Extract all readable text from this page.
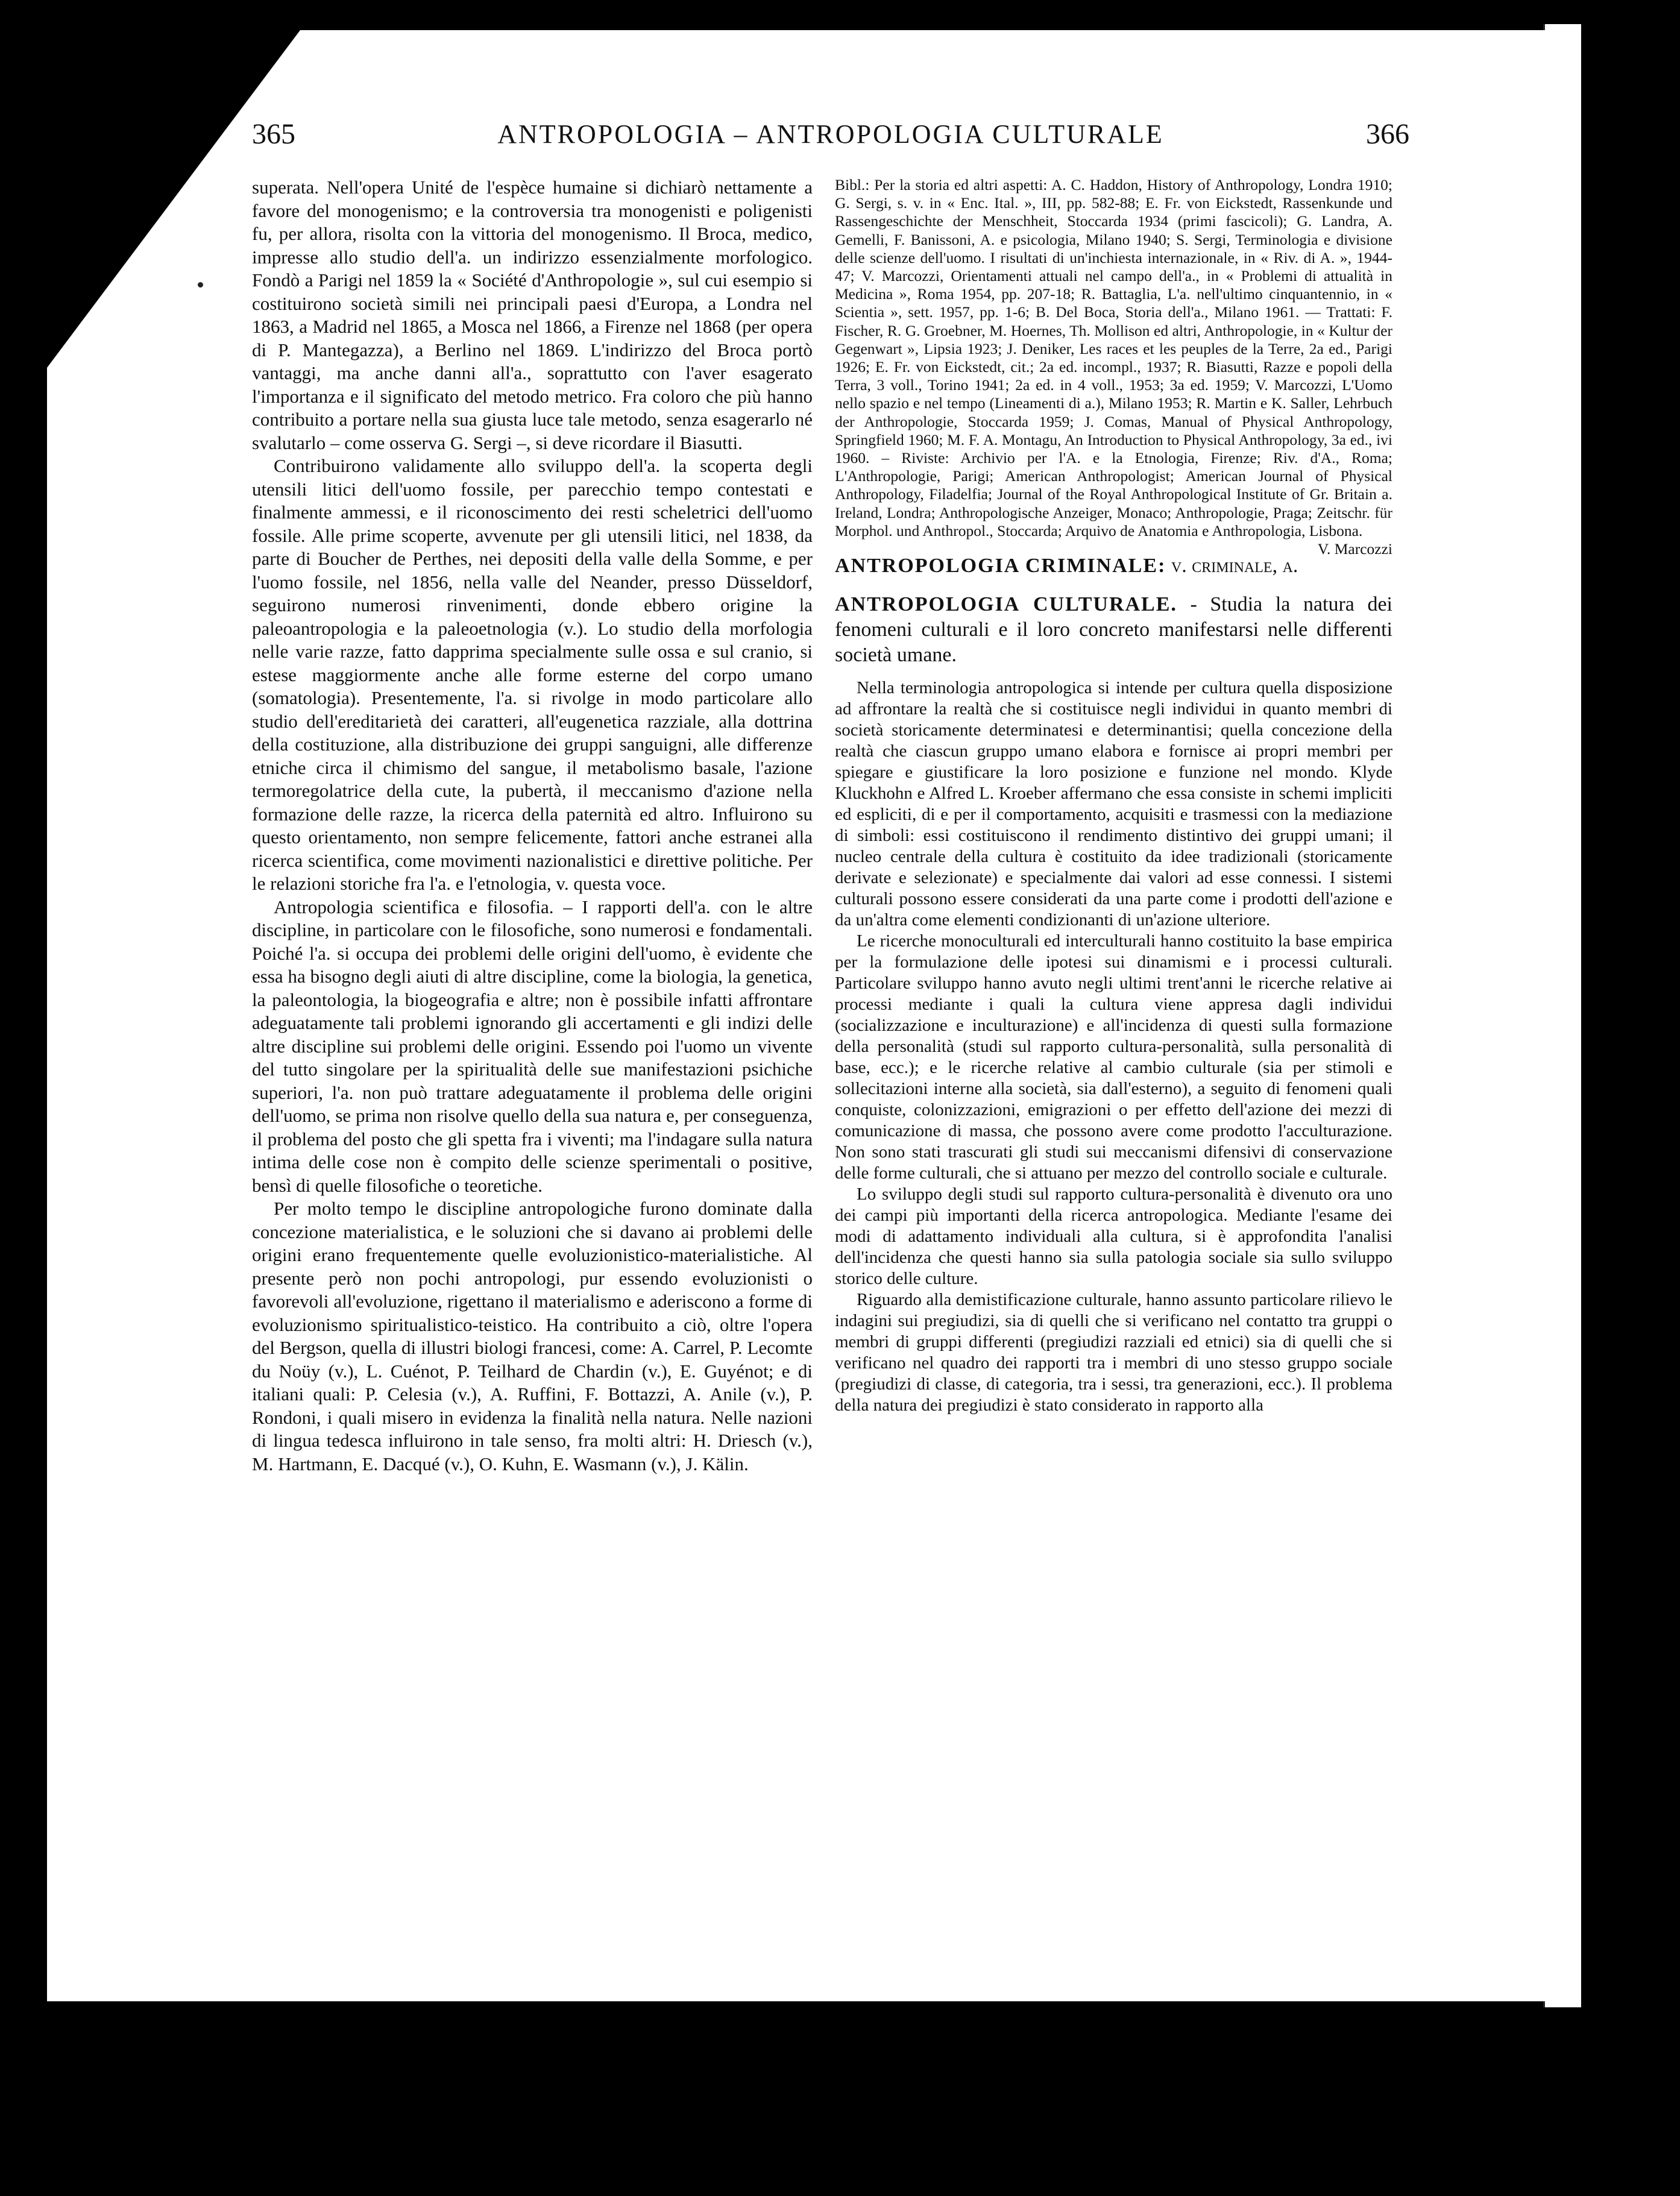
365	ANTROPOLOGIA – ANTROPOLOGIA CULTURALE	366

superata. Nell'opera Unité de l'espèce humaine si dichiarò nettamente a favore del monogenismo; e la controversia tra monogenisti e poligenisti fu, per allora, risolta con la vittoria del monogenismo. Il Broca, medico, impresse allo studio dell'a. un indirizzo essenzialmente morfologico. Fondò a Parigi nel 1859 la « Société d'Anthropologie », sul cui esempio si costituirono società simili nei principali paesi d'Europa, a Londra nel 1863, a Madrid nel 1865, a Mosca nel 1866, a Firenze nel 1868 (per opera di P. Mantegazza), a Berlino nel 1869. L'indirizzo del Broca portò vantaggi, ma anche danni all'a., soprattutto con l'aver esagerato l'importanza e il significato del metodo metrico. Fra coloro che più hanno contribuito a portare nella sua giusta luce tale metodo, senza esagerarlo né svalutarlo – come osserva G. Sergi –, si deve ricordare il Biasutti.

Contribuirono validamente allo sviluppo dell'a. la scoperta degli utensili litici dell'uomo fossile, per parecchio tempo contestati e finalmente ammessi, e il riconoscimento dei resti scheletrici dell'uomo fossile. Alle prime scoperte, avvenute per gli utensili litici, nel 1838, da parte di Boucher de Perthes, nei depositi della valle della Somme, e per l'uomo fossile, nel 1856, nella valle del Neander, presso Düsseldorf, seguirono numerosi rinvenimenti, donde ebbero origine la paleoantropologia e la paleoetnologia (v.). Lo studio della morfologia nelle varie razze, fatto dapprima specialmente sulle ossa e sul cranio, si estese maggiormente anche alle forme esterne del corpo umano (somatologia). Presentemente, l'a. si rivolge in modo particolare allo studio dell'ereditarietà dei caratteri, all'eugenetica razziale, alla dottrina della costituzione, alla distribuzione dei gruppi sanguigni, alle differenze etniche circa il chimismo del sangue, il metabolismo basale, l'azione termoregolatrice della cute, la pubertà, il meccanismo d'azione nella formazione delle razze, la ricerca della paternità ed altro. Influirono su questo orientamento, non sempre felicemente, fattori anche estranei alla ricerca scientifica, come movimenti nazionalistici e direttive politiche. Per le relazioni storiche fra l'a. e l'etnologia, v. questa voce.

Antropologia scientifica e filosofia. – I rapporti dell'a. con le altre discipline, in particolare con le filosofiche, sono numerosi e fondamentali. Poiché l'a. si occupa dei problemi delle origini dell'uomo, è evidente che essa ha bisogno degli aiuti di altre discipline, come la biologia, la genetica, la paleontologia, la biogeografia e altre; non è possibile infatti affrontare adeguatamente tali problemi ignorando gli accertamenti e gli indizi delle altre discipline sui problemi delle origini. Essendo poi l'uomo un vivente del tutto singolare per la spiritualità delle sue manifestazioni psichiche superiori, l'a. non può trattare adeguatamente il problema delle origini dell'uomo, se prima non risolve quello della sua natura e, per conseguenza, il problema del posto che gli spetta fra i viventi; ma l'indagare sulla natura intima delle cose non è compito delle scienze sperimentali o positive, bensì di quelle filosofiche o teoretiche.

Per molto tempo le discipline antropologiche furono dominate dalla concezione materialistica, e le soluzioni che si davano ai problemi delle origini erano frequentemente quelle evoluzionistico-materialistiche. Al presente però non pochi antropologi, pur essendo evoluzionisti o favorevoli all'evoluzione, rigettano il materialismo e aderiscono a forme di evoluzionismo spiritualistico-teistico. Ha contribuito a ciò, oltre l'opera del Bergson, quella di illustri biologi francesi, come: A. Carrel, P. Lecomte du Noüy (v.), L. Cuénot, P. Teilhard de Chardin (v.), E. Guyénot; e di italiani quali: P. Celesia (v.), A. Ruffini, F. Bottazzi, A. Anile (v.), P. Rondoni, i quali misero in evidenza la finalità nella natura. Nelle nazioni di lingua tedesca influirono in tale senso, fra molti altri: H. Driesch (v.), M. Hartmann, E. Dacqué (v.), O. Kuhn, E. Wasmann (v.), J. Kälin.

Bibl.: Per la storia ed altri aspetti: A. C. Haddon, History of Anthropology, Londra 1910; G. Sergi, s. v. in « Enc. Ital. », III, pp. 582-88; E. Fr. von Eickstedt, Rassenkunde und Rassengeschichte der Menschheit, Stoccarda 1934 (primi fascicoli); G. Landra, A. Gemelli, F. Banissoni, A. e psicologia, Milano 1940; S. Sergi, Terminologia e divisione delle scienze dell'uomo. I risultati di un'inchiesta internazionale, in « Riv. di A. », 1944-47; V. Marcozzi, Orientamenti attuali nel campo dell'a., in « Problemi di attualità in Medicina », Roma 1954, pp. 207-18; R. Battaglia, L'a. nell'ultimo cinquantennio, in « Scientia », sett. 1957, pp. 1-6; B. Del Boca, Storia dell'a., Milano 1961. — Trattati: F. Fischer, R. G. Groebner, M. Hoernes, Th. Mollison ed altri, Anthropologie, in « Kultur der Gegenwart », Lipsia 1923; J. Deniker, Les races et les peuples de la Terre, 2a ed., Parigi 1926; E. Fr. von Eickstedt, cit.; 2a ed. incompl., 1937; R. Biasutti, Razze e popoli della Terra, 3 voll., Torino 1941; 2a ed. in 4 voll., 1953; 3a ed. 1959; V. Marcozzi, L'Uomo nello spazio e nel tempo (Lineamenti di a.), Milano 1953; R. Martin e K. Saller, Lehrbuch der Anthropologie, Stoccarda 1959; J. Comas, Manual of Physical Anthropology, Springfield 1960; M. F. A. Montagu, An Introduction to Physical Anthropology, 3a ed., ivi 1960. – Riviste: Archivio per l'A. e la Etnologia, Firenze; Riv. d'A., Roma; L'Anthropologie, Parigi; American Anthropologist; American Journal of Physical Anthropology, Filadelfia; Journal of the Royal Anthropological Institute of Gr. Britain a. Ireland, Londra; Anthropologische Anzeiger, Monaco; Anthropologie, Praga; Zeitschr. für Morphol. und Anthropol., Stoccarda; Arquivo de Anatomia e Anthropologia, Lisbona.
V. Marcozzi

ANTROPOLOGIA CRIMINALE: v. criminale, a.

ANTROPOLOGIA CULTURALE. - Studia la natura dei fenomeni culturali e il loro concreto manifestarsi nelle differenti società umane.

Nella terminologia antropologica si intende per cultura quella disposizione ad affrontare la realtà che si costituisce negli individui in quanto membri di società storicamente determinatesi e determinantisi; quella concezione della realtà che ciascun gruppo umano elabora e fornisce ai propri membri per spiegare e giustificare la loro posizione e funzione nel mondo. Klyde Kluckhohn e Alfred L. Kroeber affermano che essa consiste in schemi impliciti ed espliciti, di e per il comportamento, acquisiti e trasmessi con la mediazione di simboli: essi costituiscono il rendimento distintivo dei gruppi umani; il nucleo centrale della cultura è costituito da idee tradizionali (storicamente derivate e selezionate) e specialmente dai valori ad esse connessi. I sistemi culturali possono essere considerati da una parte come i prodotti dell'azione e da un'altra come elementi condizionanti di un'azione ulteriore.

Le ricerche monoculturali ed interculturali hanno costituito la base empirica per la formulazione delle ipotesi sui dinamismi e i processi culturali. Particolare sviluppo hanno avuto negli ultimi trent'anni le ricerche relative ai processi mediante i quali la cultura viene appresa dagli individui (socializzazione e inculturazione) e all'incidenza di questi sulla formazione della personalità (studi sul rapporto cultura-personalità, sulla personalità di base, ecc.); e le ricerche relative al cambio culturale (sia per stimoli e sollecitazioni interne alla società, sia dall'esterno), a seguito di fenomeni quali conquiste, colonizzazioni, emigrazioni o per effetto dell'azione dei mezzi di comunicazione di massa, che possono avere come prodotto l'acculturazione. Non sono stati trascurati gli studi sui meccanismi difensivi di conservazione delle forme culturali, che si attuano per mezzo del controllo sociale e culturale.

Lo sviluppo degli studi sul rapporto cultura-personalità è divenuto ora uno dei campi più importanti della ricerca antropologica. Mediante l'esame dei modi di adattamento individuali alla cultura, si è approfondita l'analisi dell'incidenza che questi hanno sia sulla patologia sociale sia sullo sviluppo storico delle culture.

Riguardo alla demistificazione culturale, hanno assunto particolare rilievo le indagini sui pregiudizi, sia di quelli che si verificano nel contatto tra gruppi o membri di gruppi differenti (pregiudizi razziali ed etnici) sia di quelli che si verificano nel quadro dei rapporti tra i membri di uno stesso gruppo sociale (pregiudizi di classe, di categoria, tra i sessi, tra generazioni, ecc.). Il problema della natura dei pregiudizi è stato considerato in rapporto alla
